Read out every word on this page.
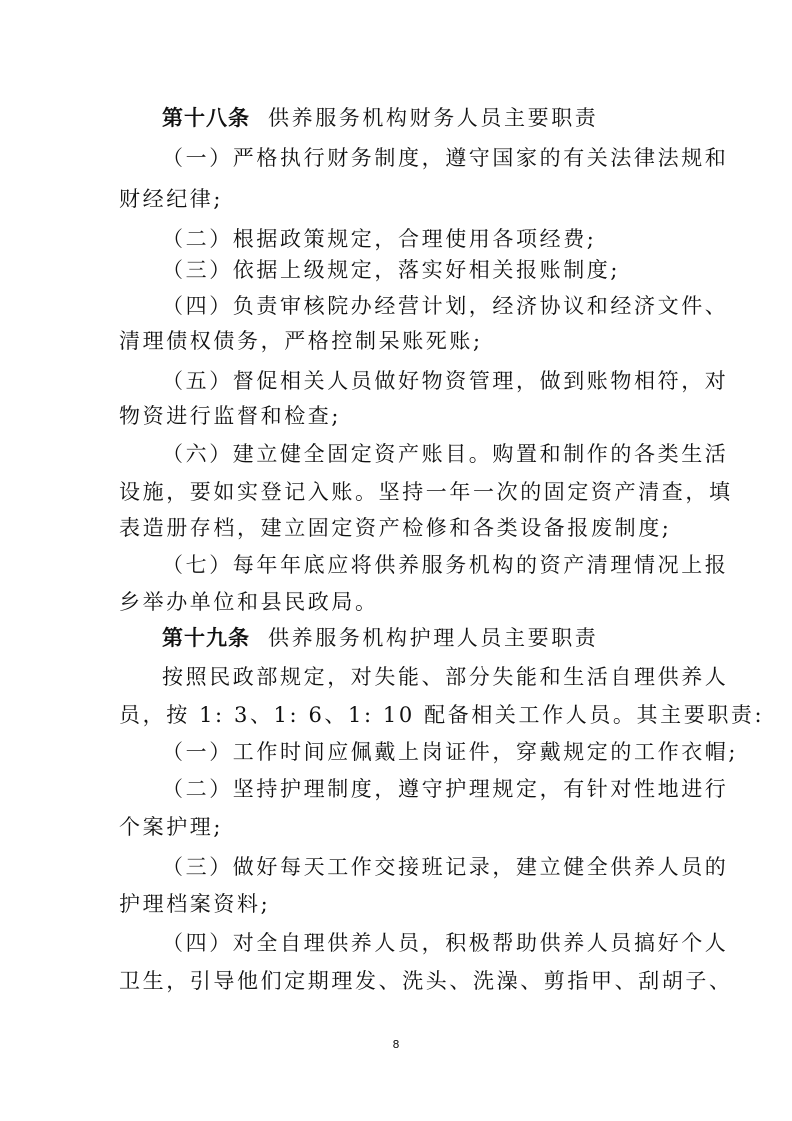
第十八条 供养服务机构财务人员主要职责
（一）严格执行财务制度，遵守国家的有关法律法规和
财经纪律;
（二）根据政策规定，合理使用各项经费;
（三）依据上级规定，落实好相关报账制度;
（四）负责审核院办经营计划，经济协议和经济文件、
清理债权债务，严格控制呆账死账;
（五）督促相关人员做好物资管理，做到账物相符，对
物资进行监督和检查;
（六）建立健全固定资产账目。购置和制作的各类生活
设施，要如实登记入账。坚持一年一次的固定资产清查，填
表造册存档，建立固定资产检修和各类设备报废制度;
（七）每年年底应将供养服务机构的资产清理情况上报
乡举办单位和县民政局。
第十九条 供养服务机构护理人员主要职责
按照民政部规定，对失能、部分失能和生活自理供养人
员，按 1: 3、1: 6、1: 10 配备相关工作人员。其主要职责:
（一）工作时间应佩戴上岗证件，穿戴规定的工作衣帽;
（二）坚持护理制度，遵守护理规定，有针对性地进行
个案护理;
（三）做好每天工作交接班记录，建立健全供养人员的
护理档案资料;
（四）对全自理供养人员，积极帮助供养人员搞好个人
卫生，引导他们定期理发、洗头、洗澡、剪指甲、刮胡子、
8
